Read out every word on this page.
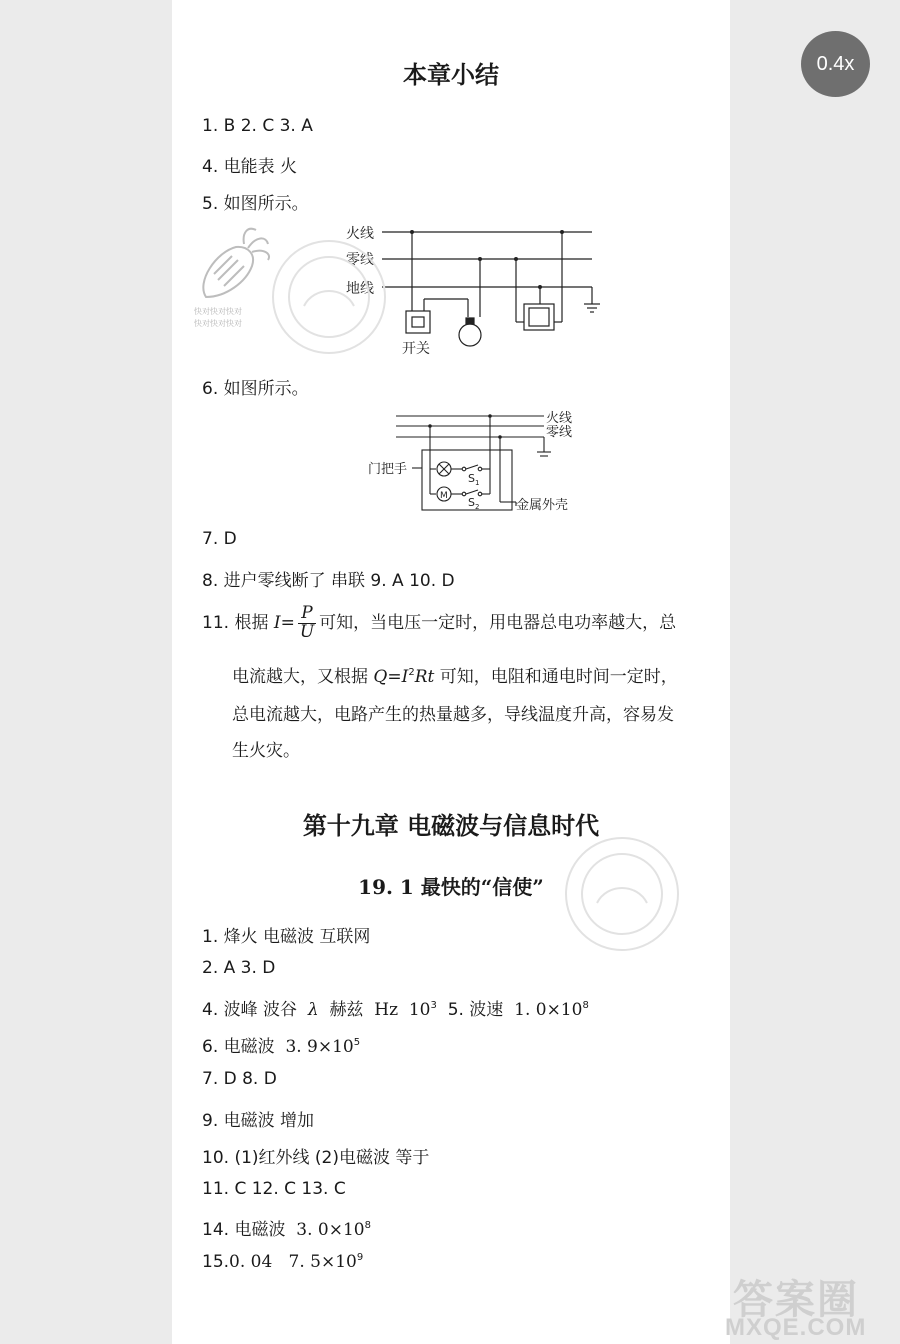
本章小结
1. B 2. C 3. A
4. 电能表 火
5. 如图所示。
快对快对快对
快对快对快对
火线
零线
地线
开关
6. 如图所示。
火线
零线
门把手
M
$S_1$
$S_2$	金属外壳
7. D
8. 进户零线断了 串联 9. A 10. D
11. 根据 $I= \frac{P}{U}$ 可知，当电压一定时，用电器总电功率越大，总
电流越大，又根据 $Q=I^2Rt$ 可知，电阻和通电时间一定时，
总电流越大，电路产生的热量越多，导线温度升高，容易发
生火灾。
第十九章 电磁波与信息时代
19. 1 最快的“信使”
1. 烽火 电磁波 互联网
2. A 3. D
4. 波峰 波谷 λ 赫兹 Hz $10^3$ 5. 波速 1. $0\times 10^8$
6. 电磁波 3. $9\times 10^5$
7. D 8. D
9. 电磁波 增加
10. (1)红外线 (2)电磁波 等于
11. C 12. C 13. C
14. 电磁波 3. $0\times 10^8$
15.0. 04 7. $5\times 10^9$
0.4x
答案圈
MXQE.COM
